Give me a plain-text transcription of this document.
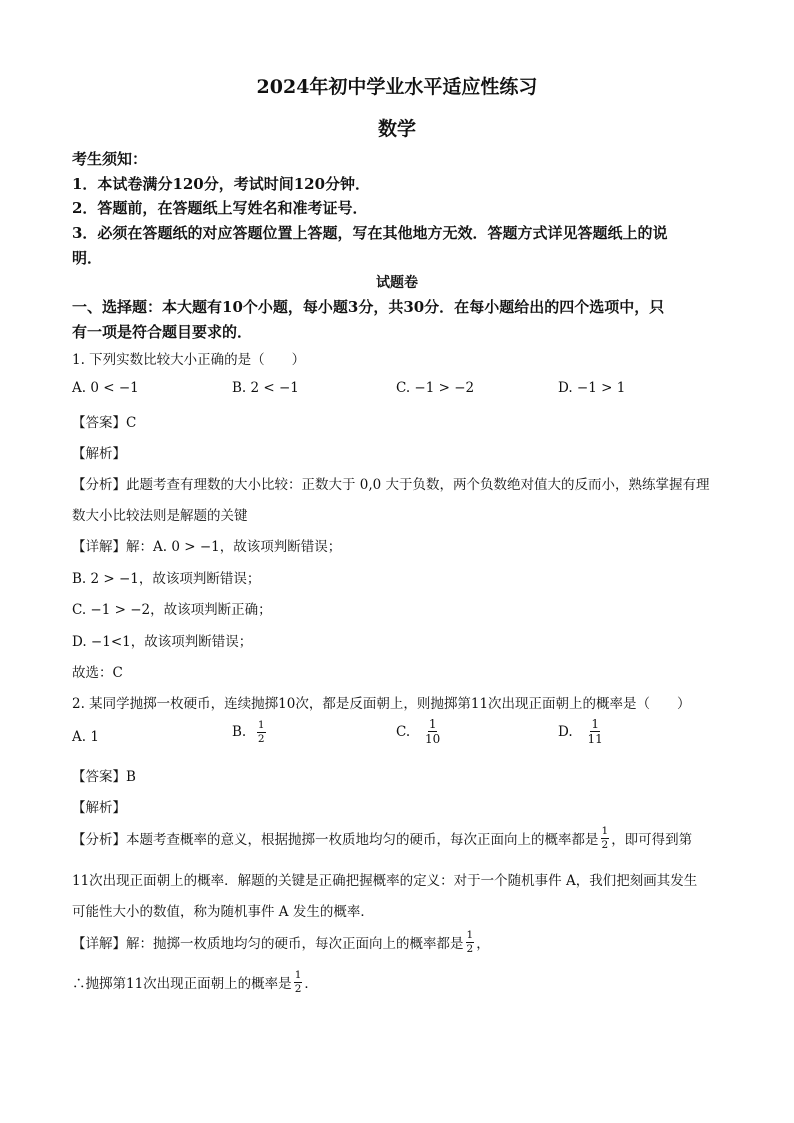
2024年初中学业水平适应性练习
数学
考生须知：
1．本试卷满分120分，考试时间120分钟．
2．答题前，在答题纸上写姓名和准考证号．
3．必须在答题纸的对应答题位置上答题，写在其他地方无效．答题方式详见答题纸上的说
明．
试题卷
一、选择题：本大题有10个小题，每小题3分，共30分．在每小题给出的四个选项中，只
有一项是符合题目要求的．
1. 下列实数比较大小正确的是（　　）
A. 0 < −1	B. 2 < −1	C. −1 > −2	D. −1 > 1
【答案】C
【解析】
【分析】此题考查有理数的大小比较：正数大于 0,0 大于负数，两个负数绝对值大的反而小，熟练掌握有理
数大小比较法则是解题的关键
【详解】解：A. 0 > −1，故该项判断错误；
B. 2 > −1，故该项判断错误；
C. −1 > −2，故该项判断正确；
D. −1<1，故该项判断错误；
故选：C
2. 某同学抛掷一枚硬币，连续抛掷10次，都是反面朝上，则抛掷第11次出现正面朝上的概率是（　　）
A. 1	B.
$\frac{1}{2}$	C.
$\frac{1}{10}$	D.
$\frac{1}{11}$
【答案】B
【解析】
【分析】本题考查概率的意义，根据抛掷一枚质地均匀的硬币，每次正面向上的概率都是 $\frac{1}{2}$ ，即可得到第
11次出现正面朝上的概率．解题的关键是正确把握概率的定义：对于一个随机事件 A，我们把刻画其发生
可能性大小的数值，称为随机事件 A 发生的概率．
【详解】解：抛掷一枚质地均匀的硬币，每次正面向上的概率都是 $\frac{1}{2}$ ，
∴抛掷第11次出现正面朝上的概率是 $\frac{1}{2}$ ．
